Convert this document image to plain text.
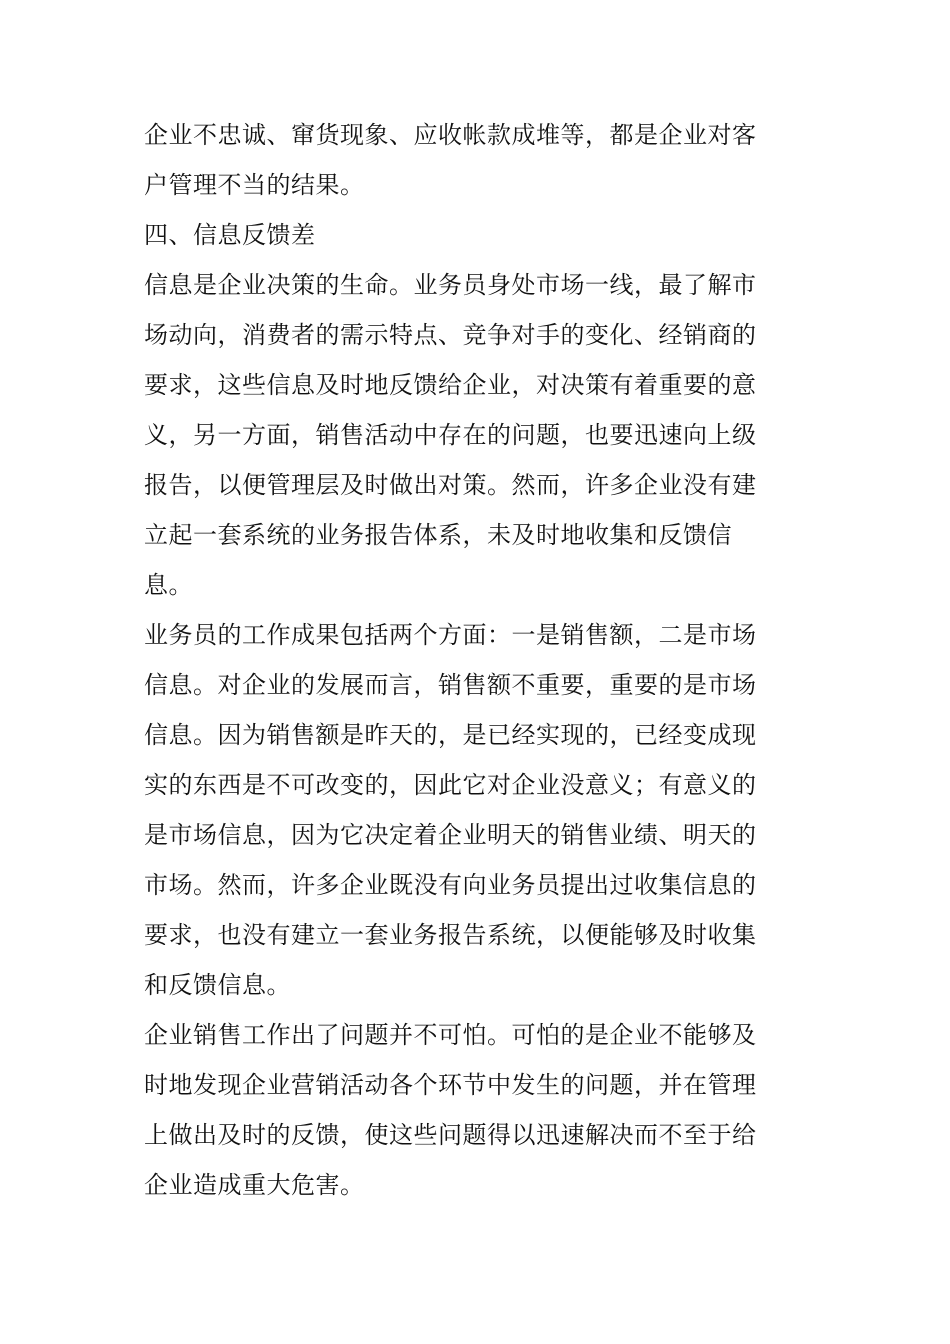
企业不忠诚、窜货现象、应收帐款成堆等，都是企业对客
户管理不当的结果。
四、信息反馈差
信息是企业决策的生命。业务员身处市场一线，最了解市
场动向，消费者的需示特点、竞争对手的变化、经销商的
要求，这些信息及时地反馈给企业，对决策有着重要的意
义，另一方面，销售活动中存在的问题，也要迅速向上级
报告，以便管理层及时做出对策。然而，许多企业没有建
立起一套系统的业务报告体系，未及时地收集和反馈信
息。
业务员的工作成果包括两个方面：一是销售额，二是市场
信息。对企业的发展而言，销售额不重要，重要的是市场
信息。因为销售额是昨天的，是已经实现的，已经变成现
实的东西是不可改变的，因此它对企业没意义；有意义的
是市场信息，因为它决定着企业明天的销售业绩、明天的
市场。然而，许多企业既没有向业务员提出过收集信息的
要求，也没有建立一套业务报告系统，以便能够及时收集
和反馈信息。
企业销售工作出了问题并不可怕。可怕的是企业不能够及
时地发现企业营销活动各个环节中发生的问题，并在管理
上做出及时的反馈，使这些问题得以迅速解决而不至于给
企业造成重大危害。
